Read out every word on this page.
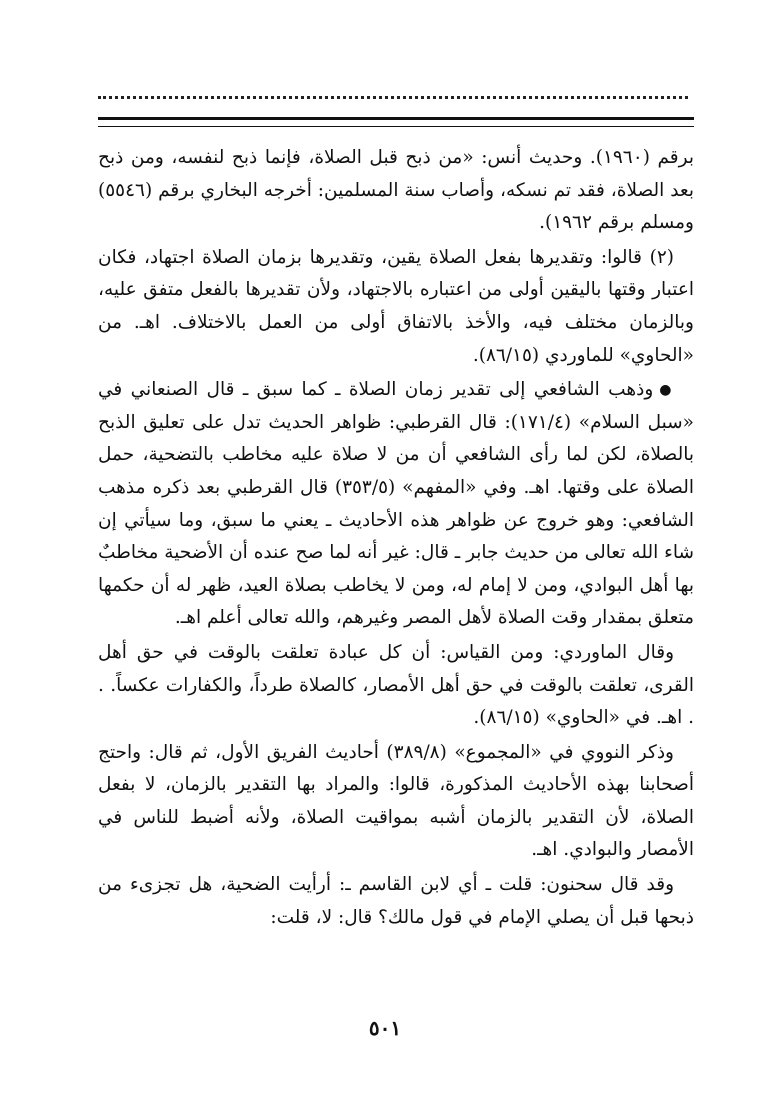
برقم (١٩٦٠). وحديث أنس: «من ذبح قبل الصلاة، فإنما ذبح لنفسه، ومن ذبح بعد الصلاة، فقد تم نسكه، وأصاب سنة المسلمين: أخرجه البخاري برقم (٥٥٤٦) ومسلم برقم ١٩٦٢).

(٢) قالوا: وتقديرها بفعل الصلاة يقين، وتقديرها بزمان الصلاة اجتهاد، فكان اعتبار وقتها باليقين أولى من اعتباره بالاجتهاد، ولأن تقديرها بالفعل متفق عليه، وبالزمان مختلف فيه، والأخذ بالاتفاق أولى من العمل بالاختلاف. اهـ. من «الحاوي» للماوردي (٨٦/١٥).

●وذهب الشافعي إلى تقدير زمان الصلاة ـ كما سبق ـ قال الصنعاني في «سبل السلام» (١٧١/٤): قال القرطبي: ظواهر الحديث تدل على تعليق الذبح بالصلاة، لكن لما رأى الشافعي أن من لا صلاة عليه مخاطب بالتضحية، حمل الصلاة على وقتها. اهـ. وفي «المفهم» (٣٥٣/٥) قال القرطبي بعد ذكره مذهب الشافعي: وهو خروج عن ظواهر هذه الأحاديث ـ يعني ما سبق، وما سيأتي إن شاء الله تعالى من حديث جابر ـ قال: غير أنه لما صح عنده أن الأضحية مخاطبٌ بها أهل البوادي، ومن لا إمام له، ومن لا يخاطب بصلاة العيد، ظهر له أن حكمها متعلق بمقدار وقت الصلاة لأهل المصر وغيرهم، والله تعالى أعلم اهـ.

وقال الماوردي: ومن القياس: أن كل عبادة تعلقت بالوقت في حق أهل القرى، تعلقت بالوقت في حق أهل الأمصار، كالصلاة طرداً، والكفارات عكساً. . . اهـ. في «الحاوي» (٨٦/١٥).

وذكر النووي في «المجموع» (٣٨٩/٨) أحاديث الفريق الأول، ثم قال: واحتج أصحابنا بهذه الأحاديث المذكورة، قالوا: والمراد بها التقدير بالزمان، لا بفعل الصلاة، لأن التقدير بالزمان أشبه بمواقيت الصلاة، ولأنه أضبط للناس في الأمصار والبوادي. اهـ.

وقد قال سحنون: قلت ـ أي لابن القاسم ـ: أرأيت الضحية، هل تجزىء من ذبحها قبل أن يصلي الإمام في قول مالك؟ قال: لا، قلت:

٥٠١
